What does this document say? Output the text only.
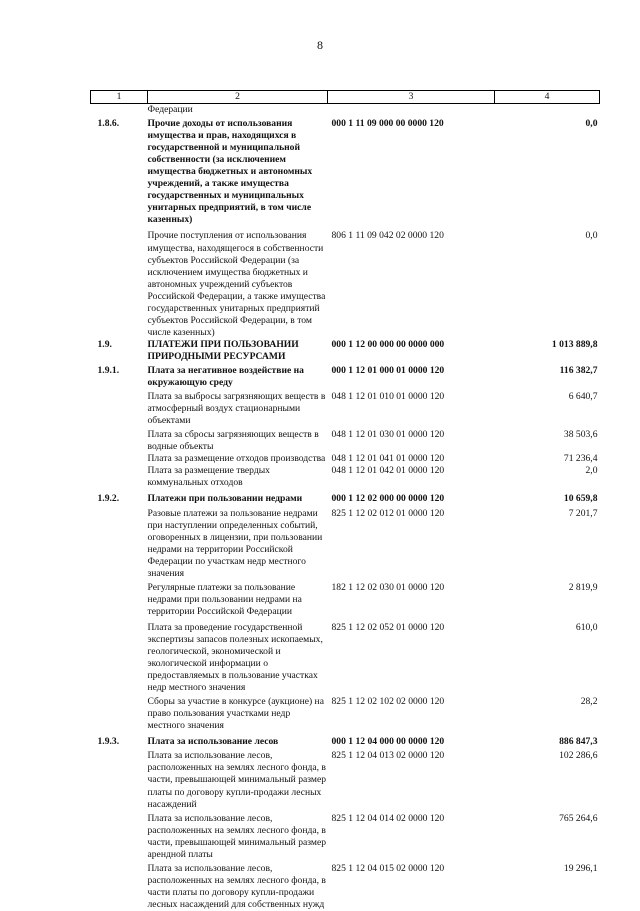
8
1	2	3	4
	Федерации		
1.8.6.	Прочие доходы от использования имущества и прав, находящихся в государственной и муниципальной собственности (за исключением имущества бюджетных и автономных учреждений, а также имущества государственных и муниципальных унитарных предприятий, в том числе казенных)	000 1 11 09 000 00 0000 120	0,0
	Прочие поступления от использования имущества, находящегося в собственности субъектов Российской Федерации (за исключением имущества бюджетных и автономных учреждений субъектов Российской Федерации, а также имущества государственных унитарных предприятий субъектов Российской Федерации, в том числе казенных)	806 1 11 09 042 02 0000 120	0,0
1.9.	ПЛАТЕЖИ ПРИ ПОЛЬЗОВАНИИ ПРИРОДНЫМИ РЕСУРСАМИ	000 1 12 00 000 00 0000 000	1 013 889,8
1.9.1.	Плата за негативное воздействие на окружающую среду	000 1 12 01 000 01 0000 120	116 382,7
	Плата за выбросы загрязняющих веществ в атмосферный воздух стационарными объектами	048 1 12 01 010 01 0000 120	6 640,7
	Плата за сбросы загрязняющих веществ в водные объекты	048 1 12 01 030 01 0000 120	38 503,6
	Плата за размещение отходов производства	048 1 12 01 041 01 0000 120	71 236,4
	Плата за размещение твердых коммунальных отходов	048 1 12 01 042 01 0000 120	2,0
1.9.2.	Платежи при пользовании недрами	000 1 12 02 000 00 0000 120	10 659,8
	Разовые платежи за пользование недрами при наступлении определенных событий, оговоренных в лицензии, при пользовании недрами на территории Российской Федерации по участкам недр местного значения	825 1 12 02 012 01 0000 120	7 201,7
	Регулярные платежи за пользование недрами при пользовании недрами на территории Российской Федерации	182 1 12 02 030 01 0000 120	2 819,9
	Плата за проведение государственной экспертизы запасов полезных ископаемых, геологической, экономической и экологической информации о предоставляемых в пользование участках недр местного значения	825 1 12 02 052 01 0000 120	610,0
	Сборы за участие в конкурсе (аукционе) на право пользования участками недр местного значения	825 1 12 02 102 02 0000 120	28,2
1.9.3.	Плата за использование лесов	000 1 12 04 000 00 0000 120	886 847,3
	Плата за использование лесов, расположенных на землях лесного фонда, в части, превышающей минимальный размер платы по договору купли-продажи лесных насаждений	825 1 12 04 013 02 0000 120	102 286,6
	Плата за использование лесов, расположенных на землях лесного фонда, в части, превышающей минимальный размер арендной платы	825 1 12 04 014 02 0000 120	765 264,6
	Плата за использование лесов, расположенных на землях лесного фонда, в части платы по договору купли-продажи лесных насаждений для собственных нужд	825 1 12 04 015 02 0000 120	19 296,1
